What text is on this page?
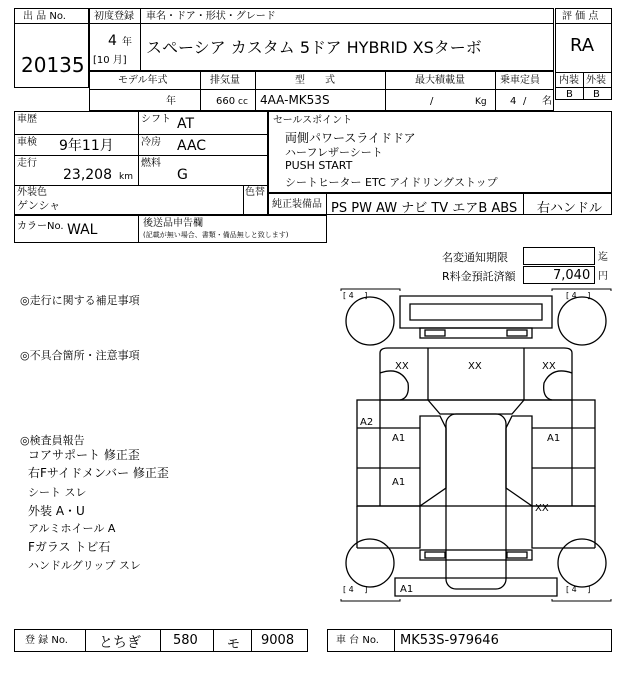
出 品 No.
20135
初度登録 車名・ドア・形状・グレード
4 年
[10 月]
スペーシア カスタム 5ドア HYBRID XSターボ
評 価 点
RA
内装 外装
B B
モデル年式	排気量	型　　式	最大積載量	乗車定員
年	660 cc 4AA-MK53S	/	Kg 4 / 名
車歴	シフト AT
車検 9年11月	冷房 AAC
走行
23,208 km
燃料
G
外装色
ゲンシャ
色替
カラーNo. WAL	後送品申告欄
(記載が無い場合、書類・備品無しと致します)
セールスポイント
両側パワースライドドア
ハーフレザーシート
PUSH START
シートヒーター ETC アイドリングストップ
純正装備品 PS PW AW ナビ TV エアB ABS 右ハンドル
名変通知期限	迄
R料金預託済額	7,040 円
◎走行に関する補足事項
◎不具合箇所・注意事項
◎検査員報告
コアサポート 修正歪
右Fサイドメンバー 修正歪
シート スレ
外装 A・U
アルミホイール A
Fガラス トビ石
ハンドルグリップ スレ
[ 4 　]	[ 4 　]
[ 4 　]	[ 4 　]
XX	XX	XX
A2
A1	A1
A1
XX
A1
登 録 No. とちぎ 580 モ 9008	車 台 No. MK53S-979646
